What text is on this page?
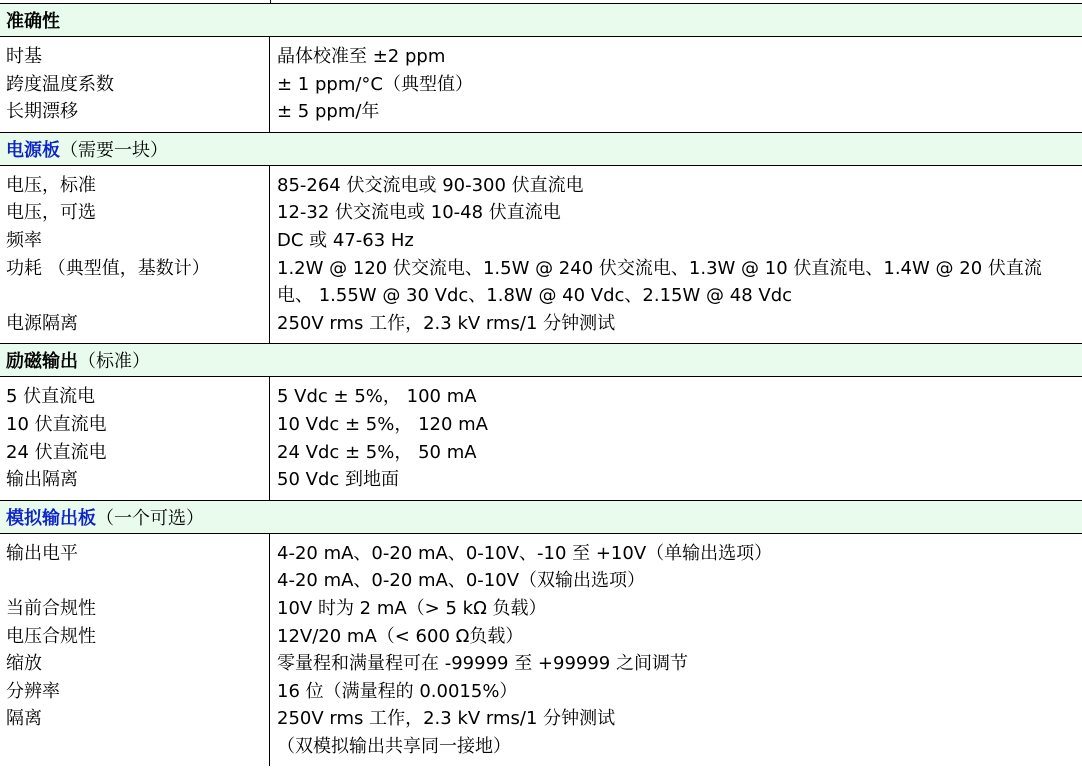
准确性
时基
跨度温度系数
长期漂移
晶体校准至 ±2 ppm
± 1 ppm/°C（典型值）
± 5 ppm/年
电源板 （需要一块）
电压，标准
电压，可选
频率
功耗 （典型值，基数计）
电源隔离
85-264 伏交流电或 90-300 伏直流电
12-32 伏交流电或 10-48 伏直流电
DC 或 47-63 Hz
1.2W @ 120 伏交流电、1.5W @ 240 伏交流电、1.3W @ 10 伏直流电、1.4W @ 20 伏直流电、 1.55W @ 30 Vdc、1.8W @ 40 Vdc、2.15W @ 48 Vdc
250V rms 工作，2.3 kV rms/1 分钟测试
励磁输出 （标准）
5 伏直流电
10 伏直流电
24 伏直流电
输出隔离
5 Vdc ± 5%， 100 mA
10 Vdc ± 5%， 120 mA
24 Vdc ± 5%， 50 mA
50 Vdc 到地面
模拟输出板 （一个可选）
输出电平
当前合规性
电压合规性
缩放
分辨率
隔离
4-20 mA、0-20 mA、0-10V、-10 至 +10V（单输出选项）
4-20 mA、0-20 mA、0-10V（双输出选项）
10V 时为 2 mA（> 5 kΩ 负载）
12V/20 mA（< 600 Ω负载）
零量程和满量程可在 -99999 至 +99999 之间调节
16 位（满量程的 0.0015%）
250V rms 工作，2.3 kV rms/1 分钟测试
（双模拟输出共享同一接地）
